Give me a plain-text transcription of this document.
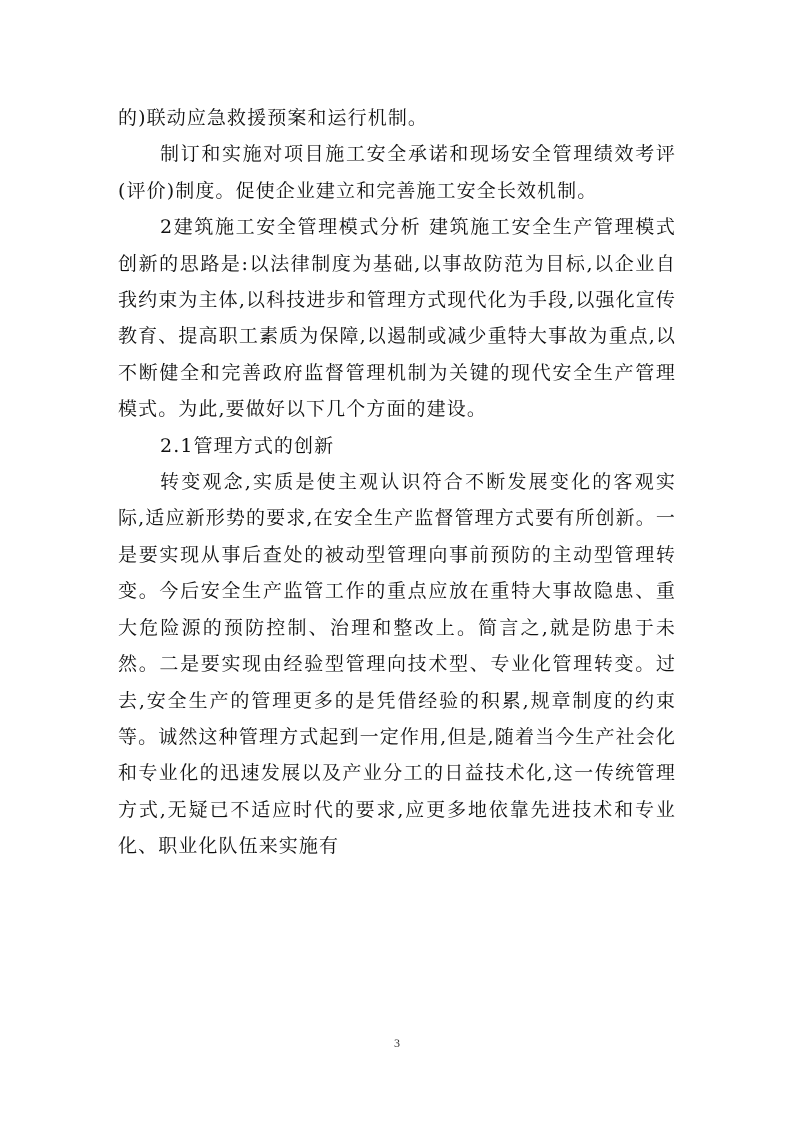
的)联动应急救援预案和运行机制。

制订和实施对项目施工安全承诺和现场安全管理绩效考评(评价)制度。促使企业建立和完善施工安全长效机制。

2建筑施工安全管理模式分析 建筑施工安全生产管理模式创新的思路是:以法律制度为基础,以事故防范为目标,以企业自我约束为主体,以科技进步和管理方式现代化为手段,以强化宣传教育、提高职工素质为保障,以遏制或减少重特大事故为重点,以不断健全和完善政府监督管理机制为关键的现代安全生产管理模式。为此,要做好以下几个方面的建设。

2.1管理方式的创新

转变观念,实质是使主观认识符合不断发展变化的客观实际,适应新形势的要求,在安全生产监督管理方式要有所创新。一是要实现从事后查处的被动型管理向事前预防的主动型管理转变。今后安全生产监管工作的重点应放在重特大事故隐患、重大危险源的预防控制、治理和整改上。简言之,就是防患于未然。二是要实现由经验型管理向技术型、专业化管理转变。过去,安全生产的管理更多的是凭借经验的积累,规章制度的约束等。诚然这种管理方式起到一定作用,但是,随着当今生产社会化和专业化的迅速发展以及产业分工的日益技术化,这一传统管理方式,无疑已不适应时代的要求,应更多地依靠先进技术和专业化、职业化队伍来实施有

3
